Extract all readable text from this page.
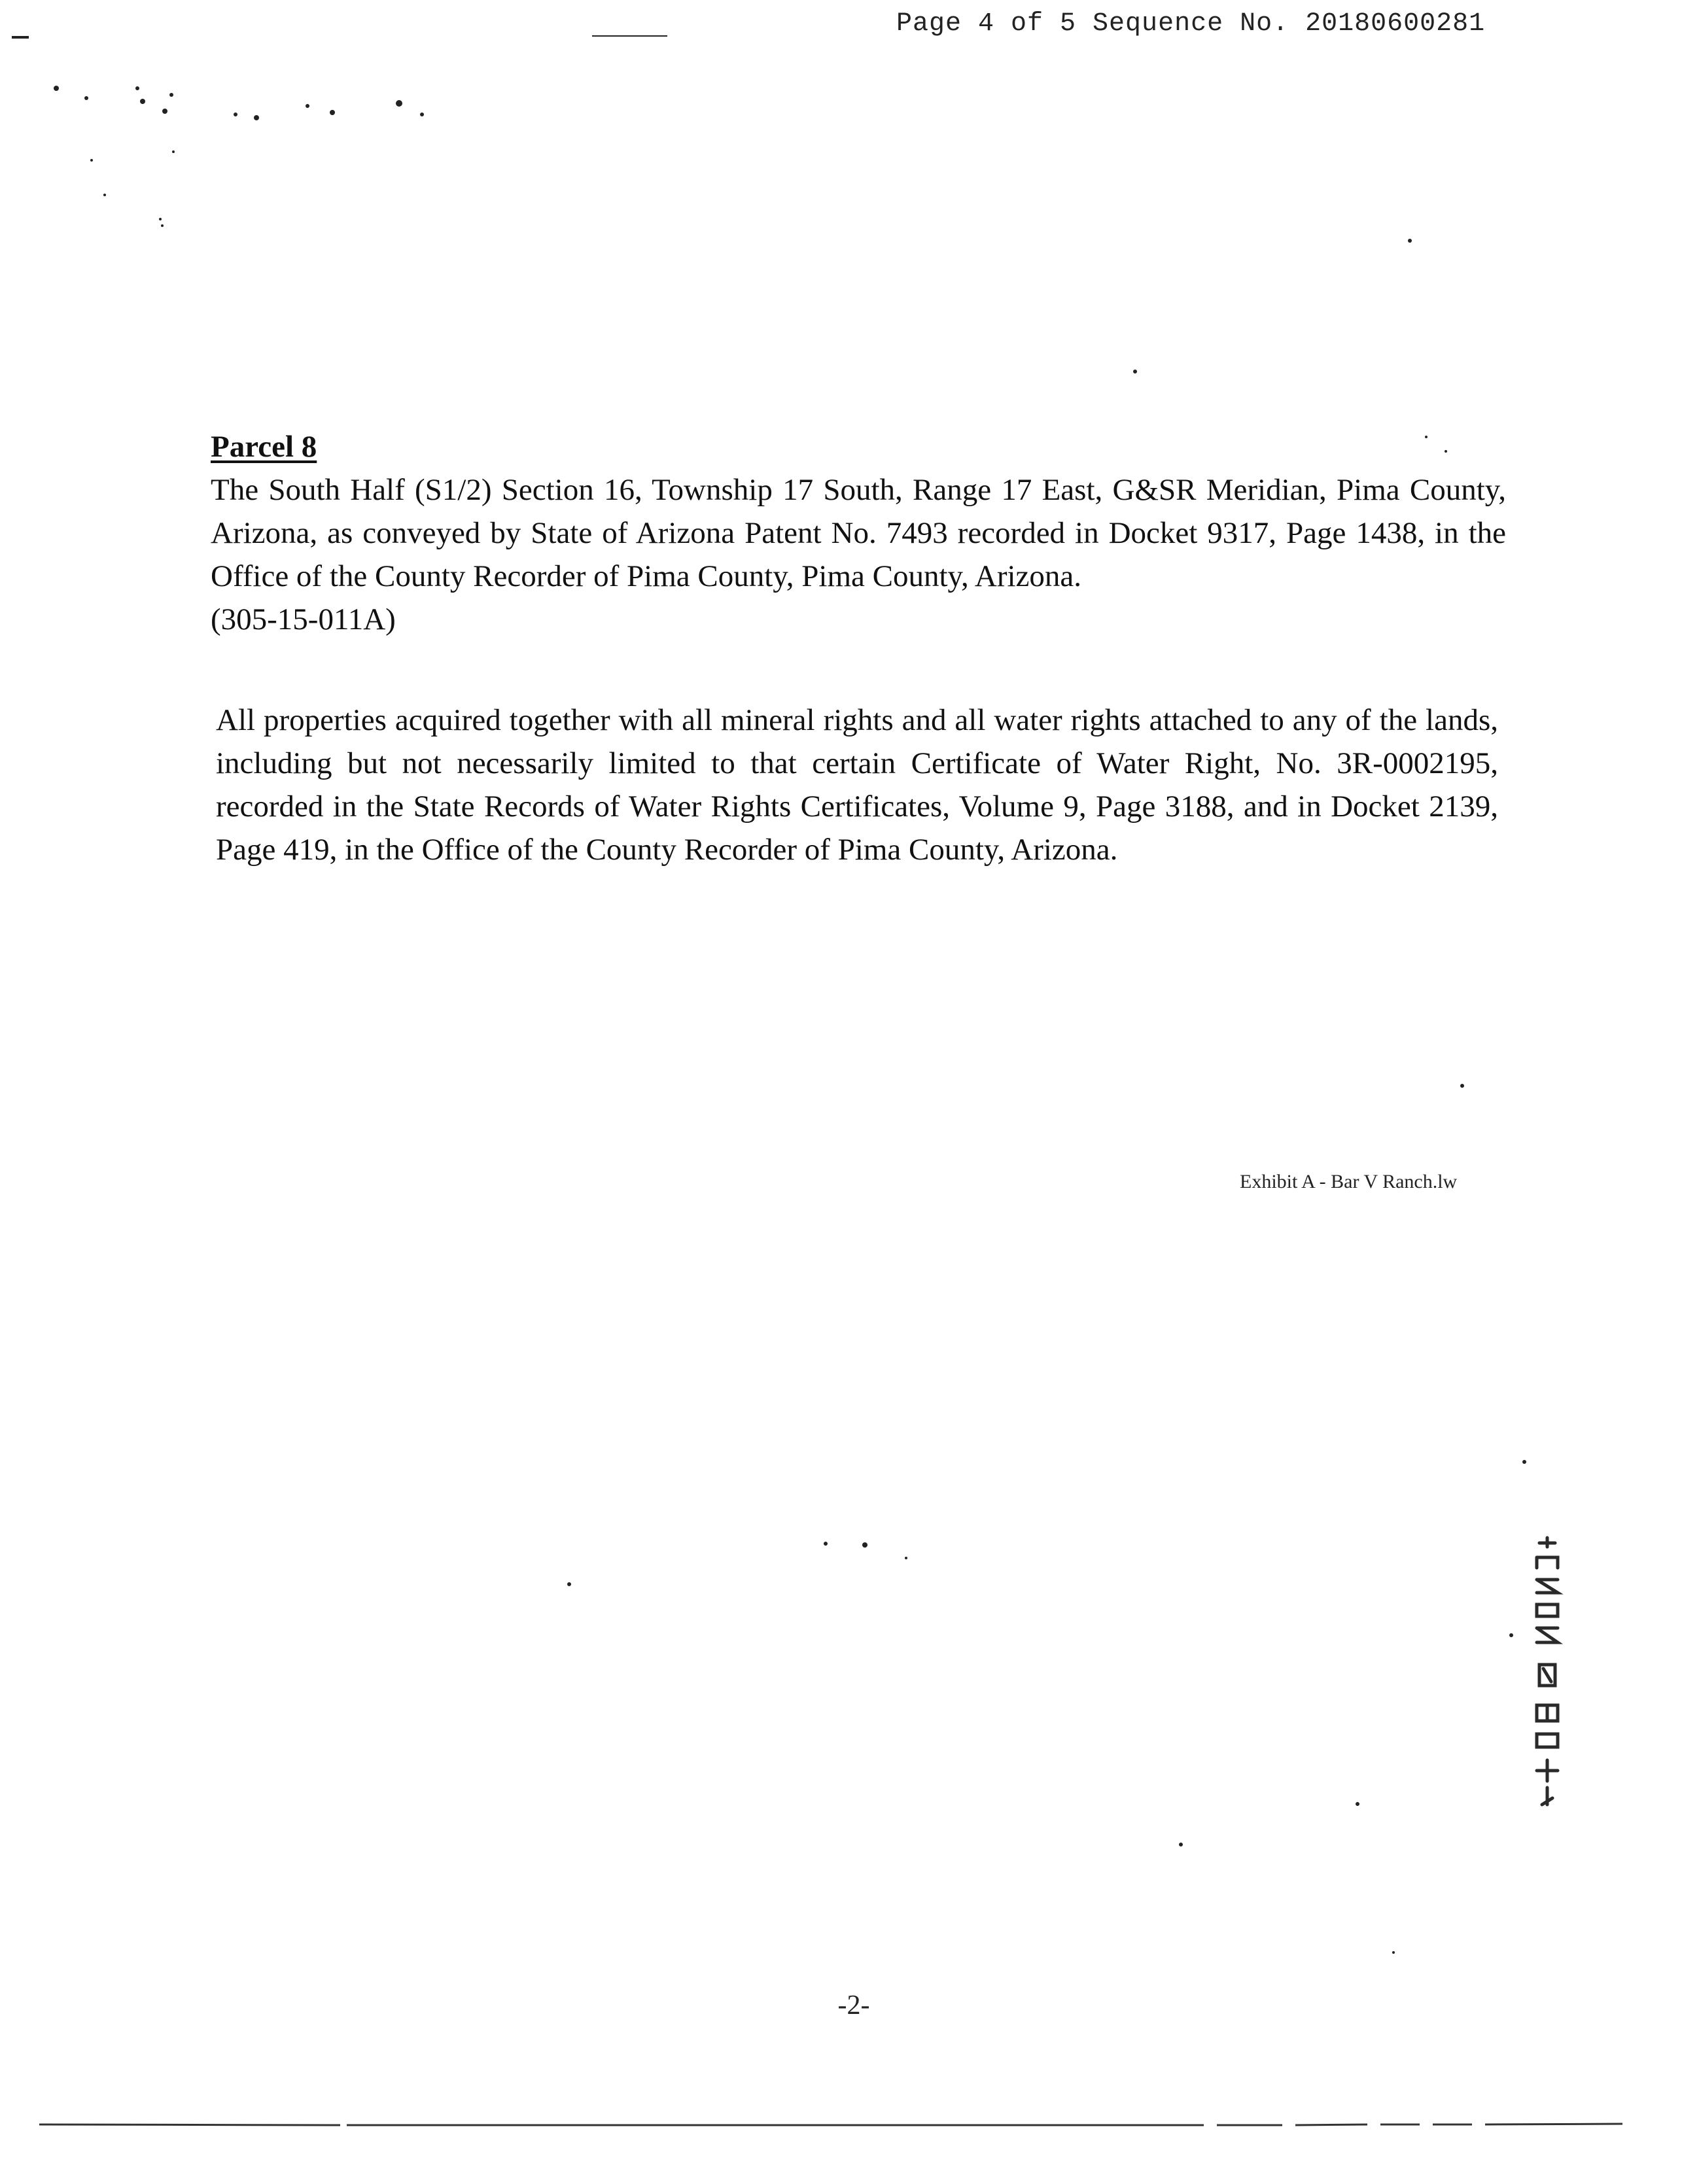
Page 4 of 5 Sequence No. 20180600281
Parcel 8
The South Half (S1/2) Section 16, Township 17 South, Range 17 East, G&SR Meridian, Pima County, Arizona, as conveyed by State of Arizona Patent No. 7493 recorded in Docket 9317, Page 1438, in the Office of the County Recorder of Pima County, Pima County, Arizona.
(305-15-011A)
All properties acquired together with all mineral rights and all water rights attached to any of the lands, including but not necessarily limited to that certain Certificate of Water Right, No. 3R-0002195, recorded in the State Records of Water Rights Certificates, Volume 9, Page 3188, and in Docket 2139, Page 419, in the Office of the County Recorder of Pima County, Arizona.
Exhibit A - Bar V Ranch.lw
-2-
